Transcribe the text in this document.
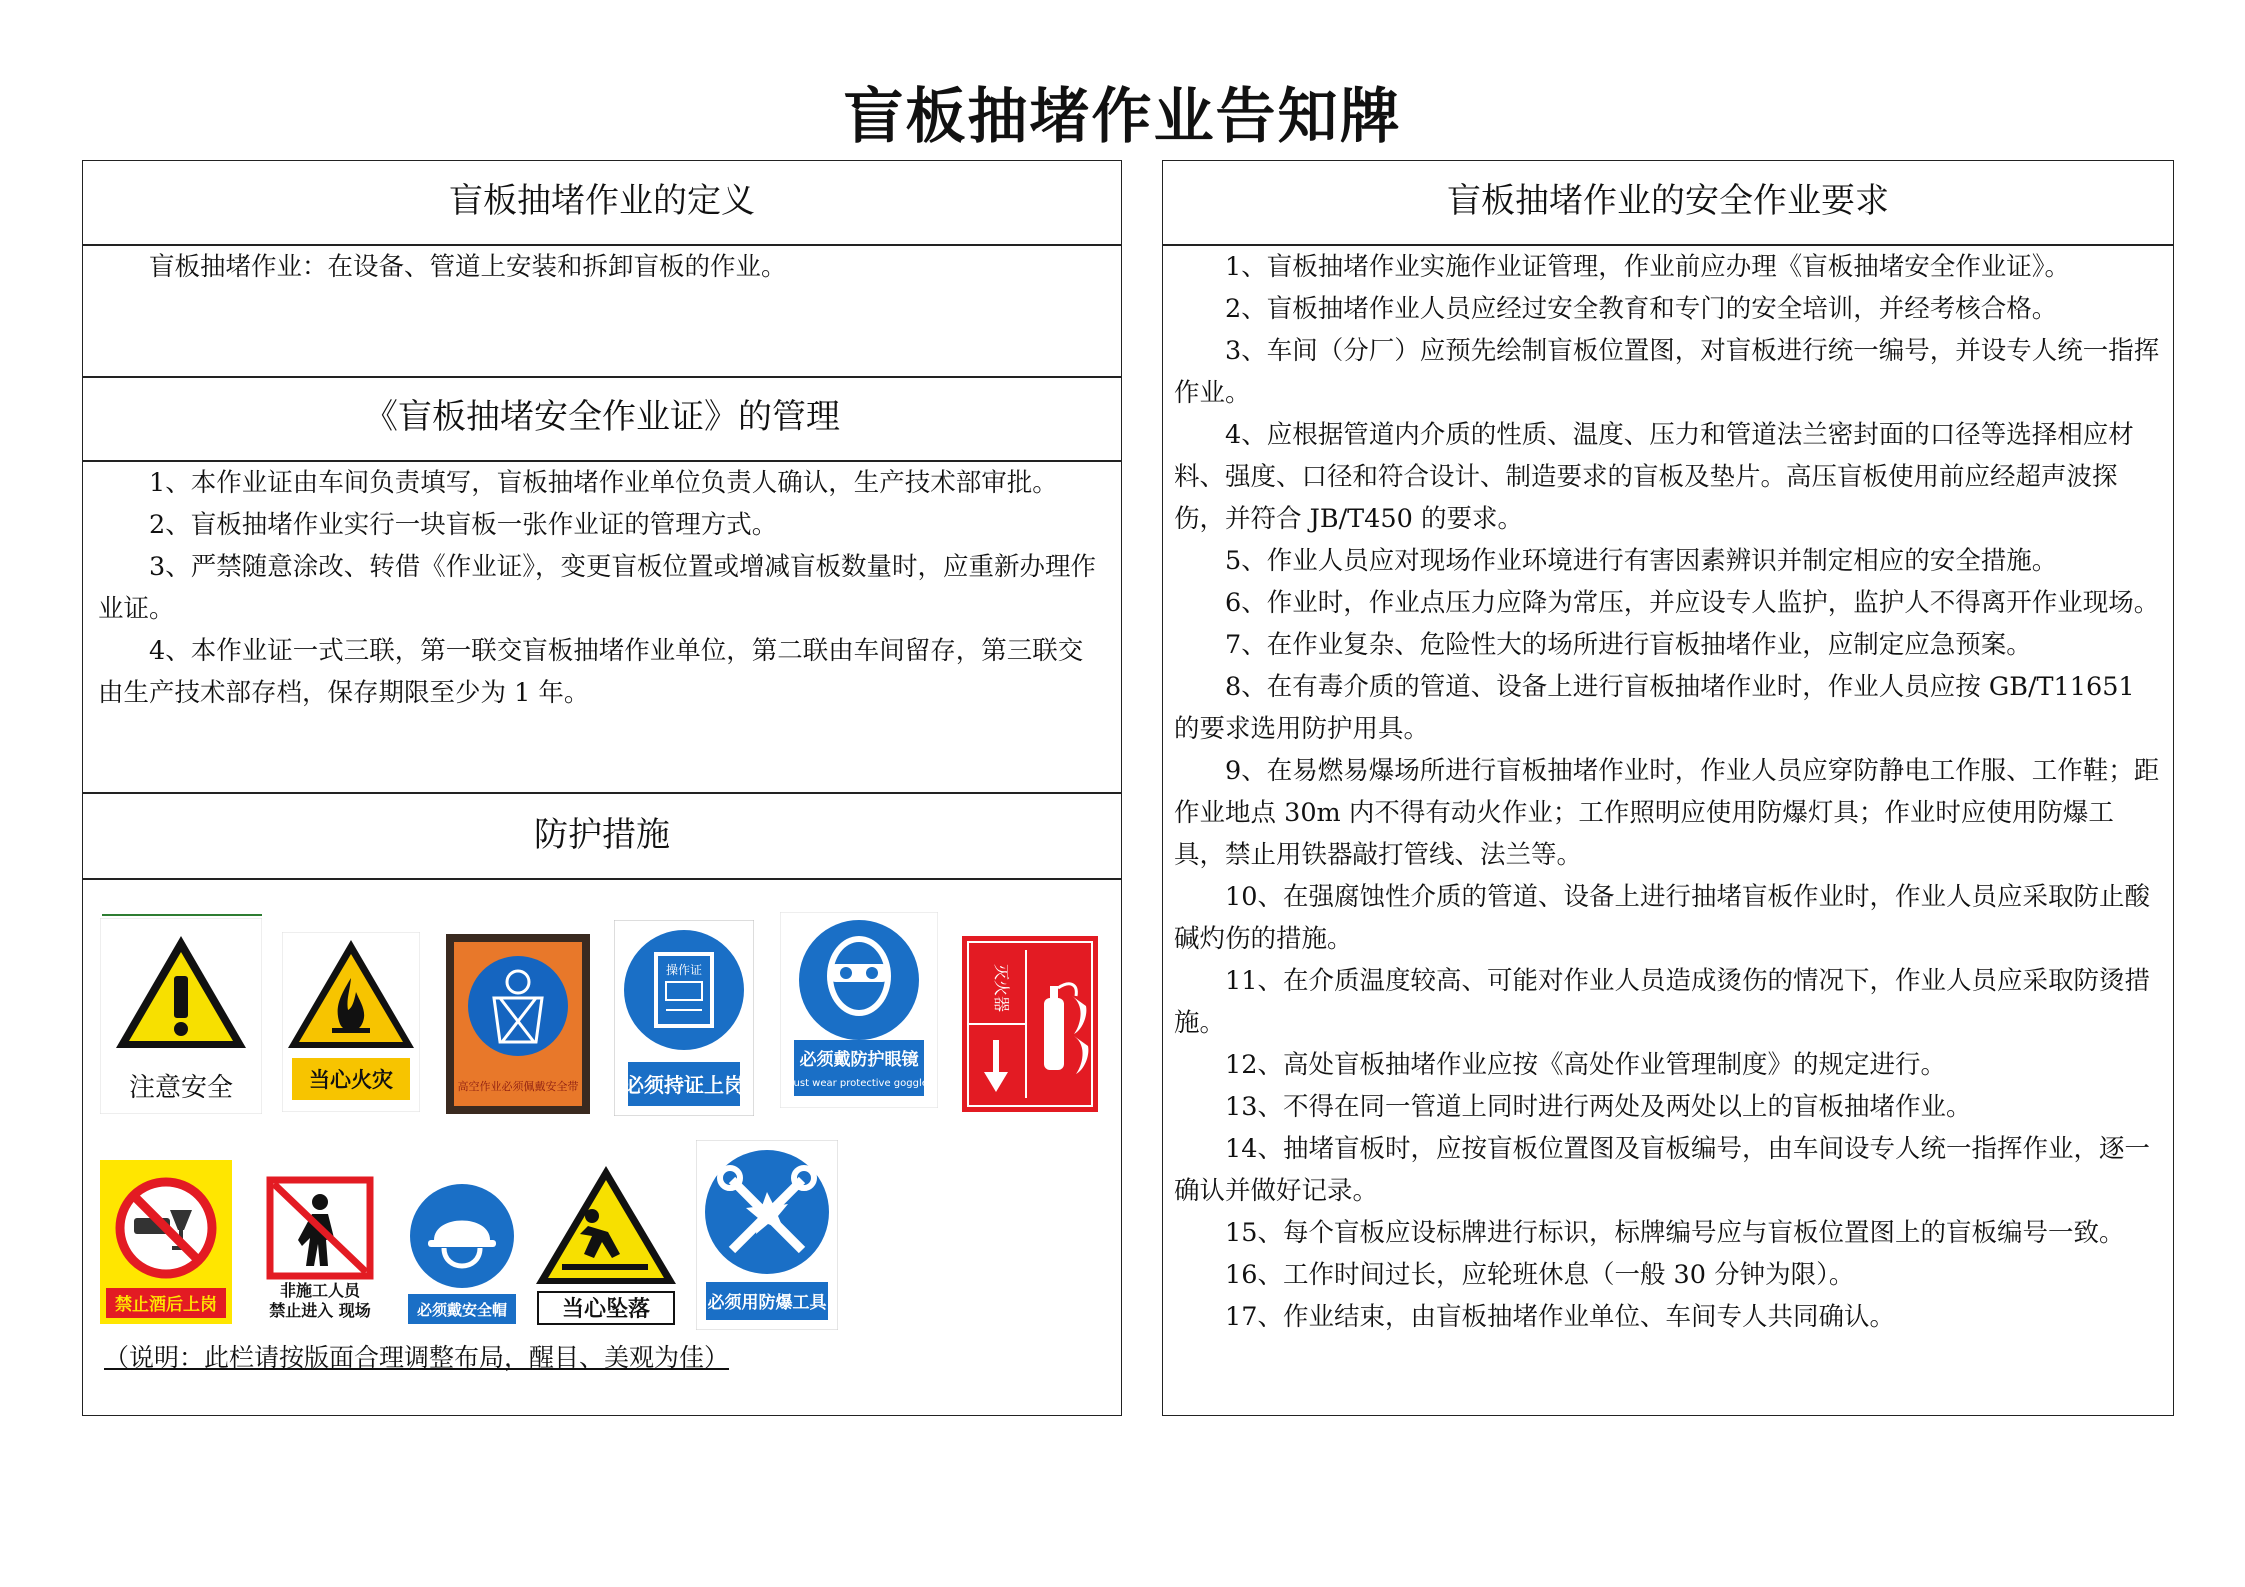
盲板抽堵作业告知牌
盲板抽堵作业的定义

盲板抽堵作业：在设备、管道上安装和拆卸盲板的作业。

《盲板抽堵安全作业证》的管理

1、本作业证由车间负责填写，盲板抽堵作业单位负责人确认，生产技术部审批。

2、盲板抽堵作业实行一块盲板一张作业证的管理方式。

3、严禁随意涂改、转借《作业证》，变更盲板位置或增减盲板数量时，应重新办理作业证。

4、本作业证一式三联，第一联交盲板抽堵作业单位，第二联由车间留存，第三联交由生产技术部存档，保存期限至少为 1 年。

防护措施
注意安全	当心火灾	高空作业必须佩戴安全带
操作证
必须持证上岗
必须戴防护眼镜
Must wear protective goggles
灭火器
禁止酒后上岗
非施工人员
禁止进入 现场	必须戴安全帽 当心坠落	必须用防爆工具
（说明：此栏请按版面合理调整布局，醒目、美观为佳）
盲板抽堵作业的安全作业要求

1、盲板抽堵作业实施作业证管理，作业前应办理《盲板抽堵安全作业证》。

2、盲板抽堵作业人员应经过安全教育和专门的安全培训，并经考核合格。

3、车间（分厂）应预先绘制盲板位置图，对盲板进行统一编号，并设专人统一指挥作业。

4、应根据管道内介质的性质、温度、压力和管道法兰密封面的口径等选择相应材料、强度、口径和符合设计、制造要求的盲板及垫片。高压盲板使用前应经超声波探伤，并符合 JB/T450 的要求。

5、作业人员应对现场作业环境进行有害因素辨识并制定相应的安全措施。

6、作业时，作业点压力应降为常压，并应设专人监护，监护人不得离开作业现场。

7、在作业复杂、危险性大的场所进行盲板抽堵作业，应制定应急预案。

8、在有毒介质的管道、设备上进行盲板抽堵作业时，作业人员应按 GB/T11651 的要求选用防护用具。

9、在易燃易爆场所进行盲板抽堵作业时，作业人员应穿防静电工作服、工作鞋；距作业地点 30m 内不得有动火作业；工作照明应使用防爆灯具；作业时应使用防爆工具，禁止用铁器敲打管线、法兰等。

10、在强腐蚀性介质的管道、设备上进行抽堵盲板作业时，作业人员应采取防止酸碱灼伤的措施。

11、在介质温度较高、可能对作业人员造成烫伤的情况下，作业人员应采取防烫措施。

12、高处盲板抽堵作业应按《高处作业管理制度》的规定进行。

13、不得在同一管道上同时进行两处及两处以上的盲板抽堵作业。

14、抽堵盲板时，应按盲板位置图及盲板编号，由车间设专人统一指挥作业，逐一确认并做好记录。

15、每个盲板应设标牌进行标识，标牌编号应与盲板位置图上的盲板编号一致。

16、工作时间过长，应轮班休息（一般 30 分钟为限）。

17、作业结束，由盲板抽堵作业单位、车间专人共同确认。
